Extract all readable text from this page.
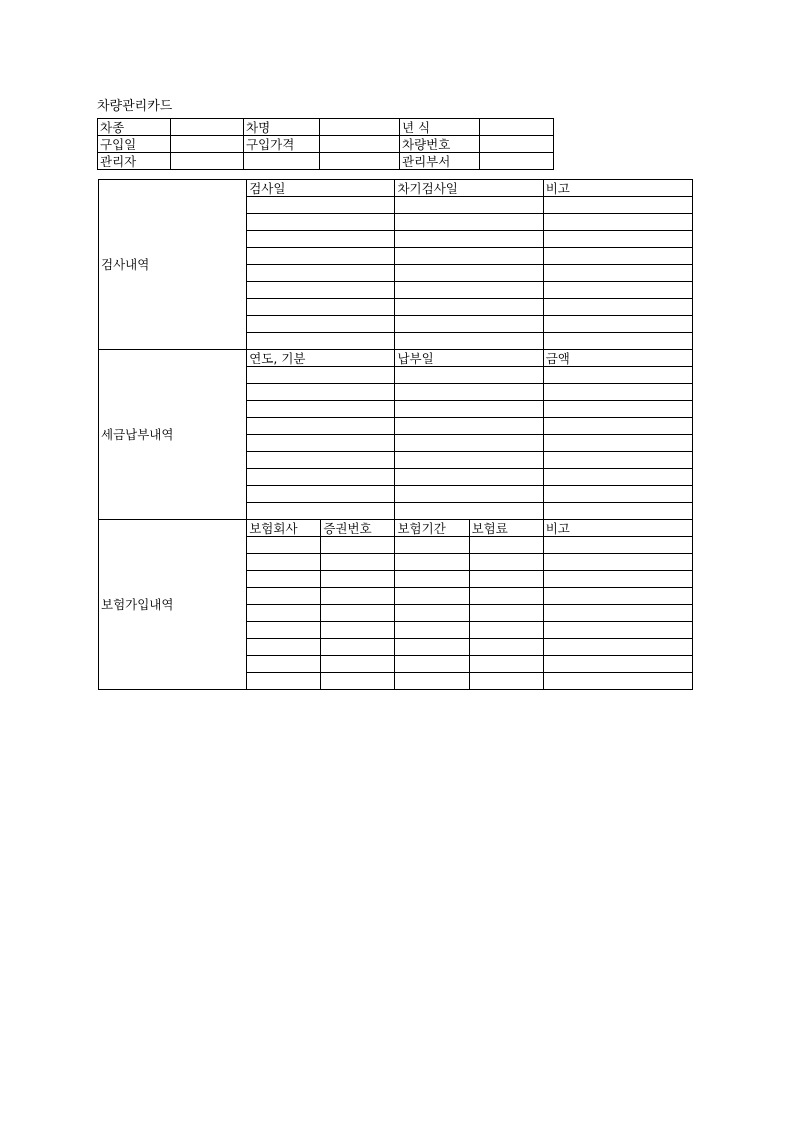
차량관리카드
차종		차명		년 식	
구입일		구입가격		차량번호	
관리자				관리부서	
검사내역	검사일		차기검사일		비고

세금납부내역	연도, 기분		납부일		금액

보험가입내역	보험회사	증권번호	보험기간	보험료	비고
